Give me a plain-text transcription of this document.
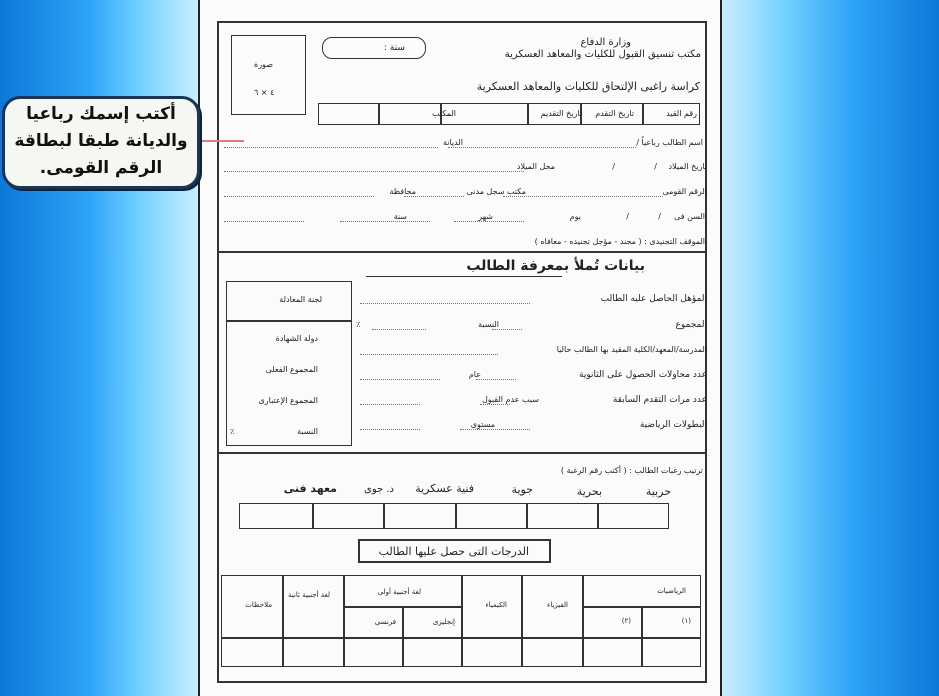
وزارة الدفاع
مكتب تنسيق القبول للكليات والمعاهد العسكرية
سنة :
صورة
٤ × ٦	كراسة راغبى الإلتحاق للكليات والمعاهد العسكرية
رقم القيد
تاريخ التقدم
تاريخ التقديم
المكتب
اسم الطالب رباعياً /
الديانة
تاريخ الميلاد
/
/
محل الميلاد
الرقم القومى
مكتب سجل مدنى
محافظة
السن فى
/
/
يوم
شهر
سنة
الموقف التجنيدى : ( مجند - مؤجل تجنيده - معافاه )
بيانات تُملأ بمعرفة الطالب
لجنة المعادلة
دولة الشهادة
المجموع الفعلى
المجموع الإعتبارى
النسبة
٪
المؤهل الحاصل عليه الطالب
المجموع
النسبة
٪
المدرسة/المعهد/الكلية المقيد بها الطالب حاليا
عدد محاولات الحصول على الثانوية
عام
عدد مرات التقدم السابقة
سبب عدم القبول
البطولات الرياضية
مستوى
ترتيب رغبات الطالب : ( أكتب رقم الرغبة )
حربية
بحرية
جوية
فنية عسكرية
د. جوى
معهد فنى
الدرجات التى حصل عليها الطالب
الرياضيات
(١)
(٢)
الفيزياء
الكيمياء
لغة أجنبية أولى
إنجليزى
فرنسى
لغة أجنبية ثانية
ملاحظات
أكتب إسمك رباعيا
والديانة طبقا لبطاقة
الرقم القومى.
